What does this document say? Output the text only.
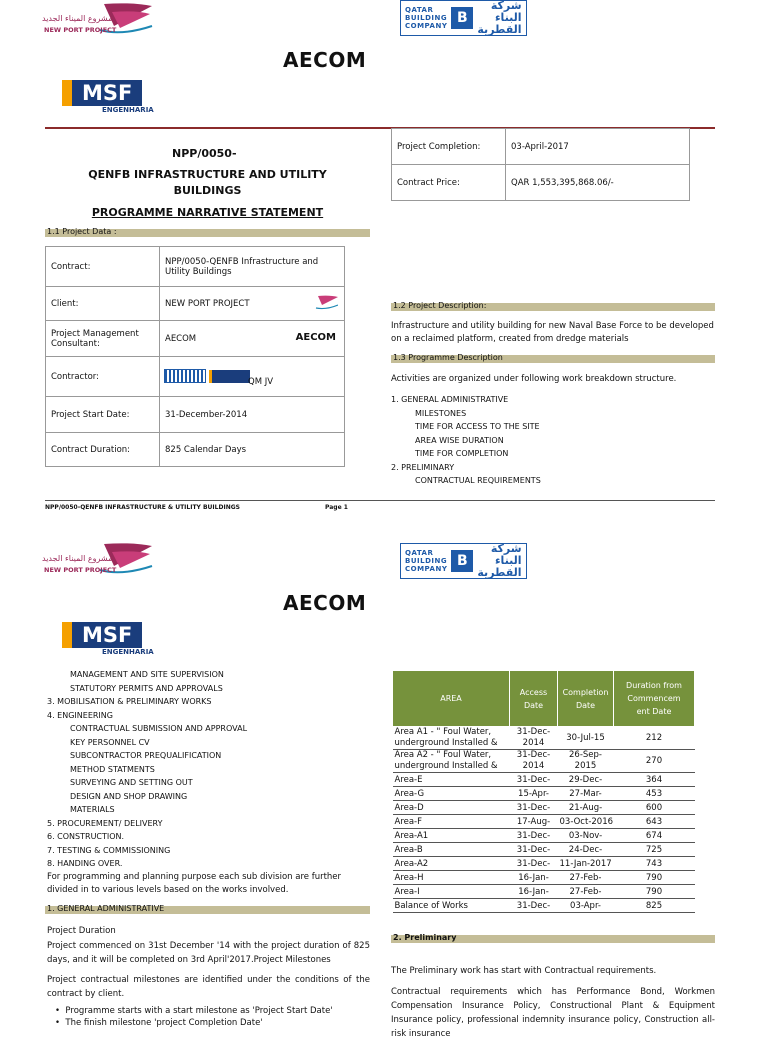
مشروع الميناء الجديد
NEW PORT PROJECT
QATAR
BUILDING
COMPANY B
شركة
البناء
القطرية
AECOM
MSF
ENGENHARIA
NPP/0050-
QENFB INFRASTRUCTURE AND UTILITY
BUILDINGS
PROGRAMME NARRATIVE STATEMENT
1.1 Project Data :
Contract:	NPP/0050-QENFB Infrastructure and Utility Buildings
Client:	NEW PORT PROJECT

Project Management Consultant:	AECOM AECOM

Contractor:	QM JV

Project Start Date:	31-December-2014
Contract Duration:	825 Calendar Days
Project Completion:	03-April-2017
Contract Price:	QAR 1,553,395,868.06/-
1.2 Project Description:
Infrastructure and utility building for new Naval Base Force to be developed on a reclaimed platform, created from dredge materials
1.3 Programme Description
Activities are organized under following work breakdown structure.
1. GENERAL ADMINISTRATIVE
MILESTONES
TIME FOR ACCESS TO THE SITE
AREA WISE DURATION
TIME FOR COMPLETION
2. PRELIMINARY
CONTRACTUAL REQUIREMENTS
NPP/0050-QENFB INFRASTRUCTURE & UTILITY BUILDINGS	Page 1
مشروع الميناء الجديد
NEW PORT PROJECT
QATAR
BUILDING
COMPANY B
شركة
البناء
القطرية
AECOM
MSF
ENGENHARIA
MANAGEMENT AND SITE SUPERVISION
STATUTORY PERMITS AND APPROVALS
3. MOBILISATION & PRELIMINARY WORKS
4. ENGINEERING
CONTRACTUAL SUBMISSION AND APPROVAL
KEY PERSONNEL CV
SUBCONTRACTOR PREQUALIFICATION
METHOD STATMENTS
SURVEYING AND SETTING OUT
DESIGN AND SHOP DRAWING
MATERIALS
5. PROCUREMENT/ DELIVERY
6. CONSTRUCTION.
7. TESTING & COMMISSIONING
8. HANDING OVER.
For programming and planning purpose each sub division are further divided in to various levels based on the works involved.
1. GENERAL ADMINISTRATIVE
Project Duration
Project commenced on 31st December '14 with the project duration of 825 days, and it will be completed on 3rd April'2017.Project Milestones
Project contractual milestones are identified under the conditions of the contract by client.
•  Programme starts with a start milestone as 'Project Start Date'
•  The finish milestone 'project Completion Date'
AREA	Access Date	Completion Date	Duration from Commencement Date
Area A1 - " Foul Water, underground Installed &	31-Dec-2014	30-Jul-15	212
Area A2 - " Foul Water, underground Installed &	31-Dec-2014	26-Sep-2015	270
Area-E	31-Dec-	29-Dec-	364
Area-G	15-Apr-	27-Mar-	453
Area-D	31-Dec-	21-Aug-	600
Area-F	17-Aug-	03-Oct-2016	643
Area-A1	31-Dec-	03-Nov-	674
Area-B	31-Dec-	24-Dec-	725
Area-A2	31-Dec-	11-Jan-2017	743
Area-H	16-Jan-	27-Feb-	790
Area-I	16-Jan-	27-Feb-	790
Balance of Works	31-Dec-	03-Apr-	825
2. Preliminary
The Preliminary work has start with Contractual requirements.
Contractual requirements which has Performance Bond, Workmen Compensation Insurance Policy, Constructional Plant & Equipment Insurance policy, professional indemnity insurance policy, Construction all-risk insurance
